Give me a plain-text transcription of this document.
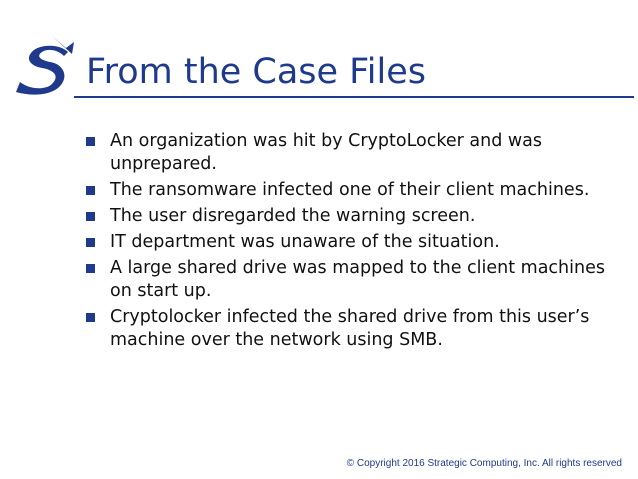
From the Case Files
An organization was hit by CryptoLocker and was unprepared.
The ransomware infected one of their client machines.
The user disregarded the warning screen.
IT department was unaware of the situation.
A large shared drive was mapped to the client machines on start up.
Cryptolocker infected the shared drive from this user’s machine over the network using SMB.
© Copyright 2016 Strategic Computing, Inc. All rights reserved
